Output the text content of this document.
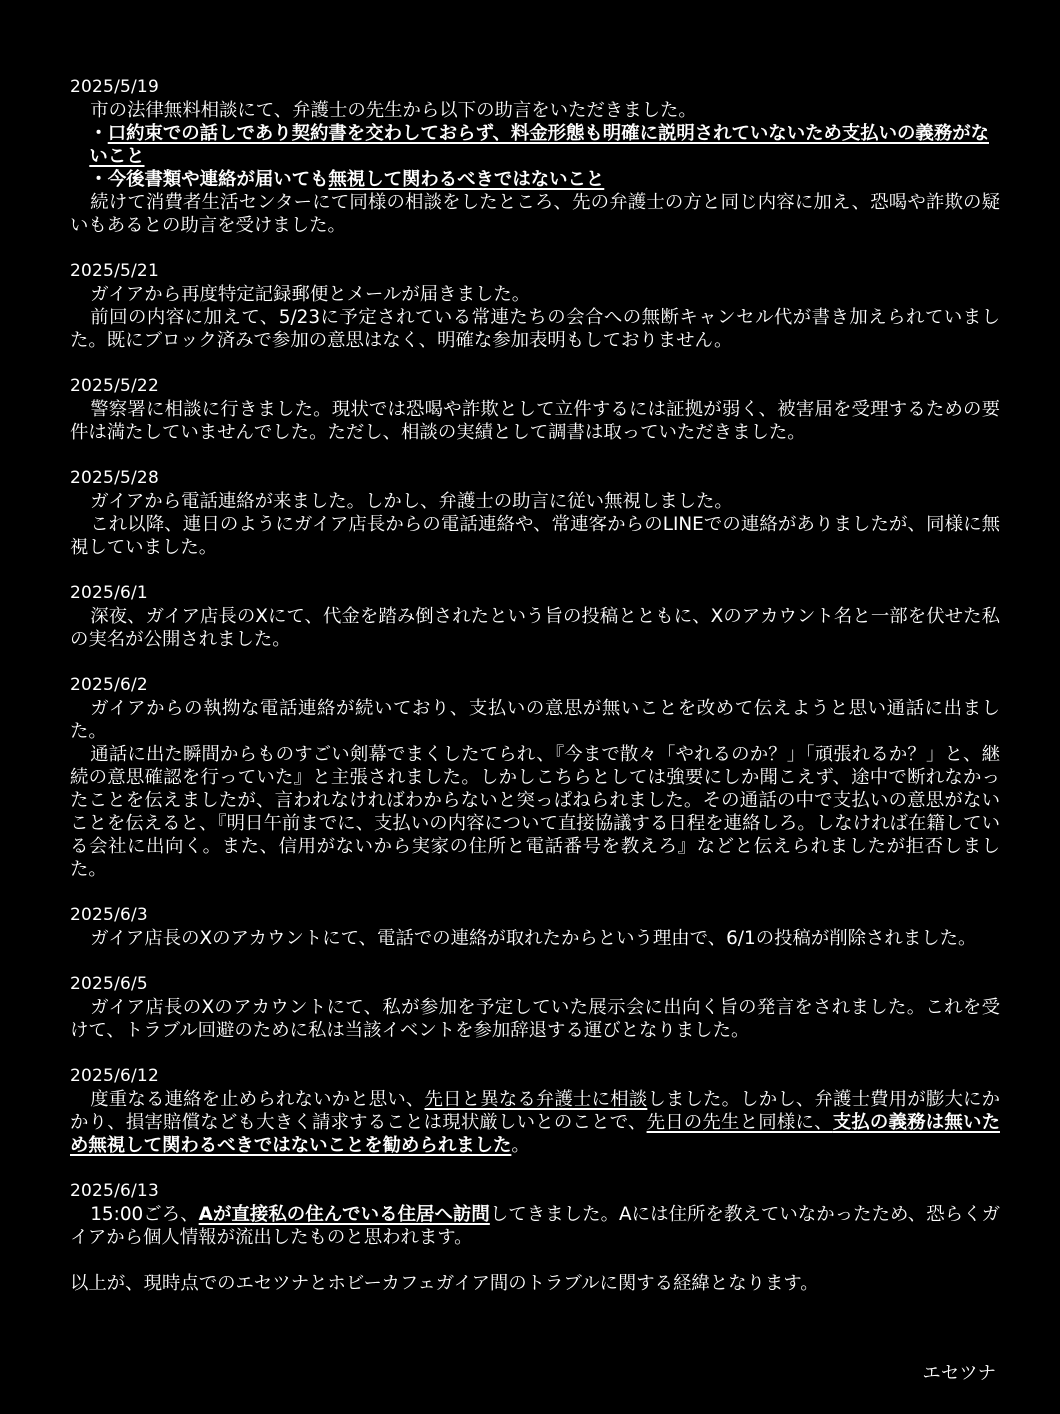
2025/5/19
市の法律無料相談にて、弁護士の先生から以下の助言をいただきました。
・口約束での話しであり契約書を交わしておらず、料金形態も明確に説明されていないため支払いの義務がないこと
・今後書類や連絡が届いても無視して関わるべきではないこと
続けて消費者生活センターにて同様の相談をしたところ、先の弁護士の方と同じ内容に加え、恐喝や詐欺の疑いもあるとの助言を受けました。
2025/5/21
ガイアから再度特定記録郵便とメールが届きました。
前回の内容に加えて、5/23に予定されている常連たちの会合への無断キャンセル代が書き加えられていました。既にブロック済みで参加の意思はなく、明確な参加表明もしておりません。
2025/5/22
警察署に相談に行きました。現状では恐喝や詐欺として立件するには証拠が弱く、被害届を受理するための要件は満たしていませんでした。ただし、相談の実績として調書は取っていただきました。
2025/5/28
ガイアから電話連絡が来ました。しかし、弁護士の助言に従い無視しました。
これ以降、連日のようにガイア店長からの電話連絡や、常連客からのLINEでの連絡がありましたが、同様に無視していました。
2025/6/1
深夜、ガイア店長のXにて、代金を踏み倒されたという旨の投稿とともに、Xのアカウント名と一部を伏せた私の実名が公開されました。
2025/6/2
ガイアからの執拗な電話連絡が続いており、支払いの意思が無いことを改めて伝えようと思い通話に出ました。
通話に出た瞬間からものすごい剣幕でまくしたてられ、『今まで散々「やれるのか？」「頑張れるか？」と、継続の意思確認を行っていた』と主張されました。しかしこちらとしては強要にしか聞こえず、途中で断れなかったことを伝えましたが、言われなければわからないと突っぱねられました。その通話の中で支払いの意思がないことを伝えると、『明日午前までに、支払いの内容について直接協議する日程を連絡しろ。しなければ在籍している会社に出向く。また、信用がないから実家の住所と電話番号を教えろ』などと伝えられましたが拒否しました。
2025/6/3
ガイア店長のXのアカウントにて、電話での連絡が取れたからという理由で、6/1の投稿が削除されました。
2025/6/5
ガイア店長のXのアカウントにて、私が参加を予定していた展示会に出向く旨の発言をされました。これを受けて、トラブル回避のために私は当該イベントを参加辞退する運びとなりました。
2025/6/12
度重なる連絡を止められないかと思い、先日と異なる弁護士に相談しました。しかし、弁護士費用が膨大にかかり、損害賠償なども大きく請求することは現状厳しいとのことで、先日の先生と同様に、支払の義務は無いため無視して関わるべきではないことを勧められました。
2025/6/13
15:00ごろ、Aが直接私の住んでいる住居へ訪問してきました。Aには住所を教えていなかったため、恐らくガイアから個人情報が流出したものと思われます。
以上が、現時点でのエセツナとホビーカフェガイア間のトラブルに関する経緯となります。
エセツナ
